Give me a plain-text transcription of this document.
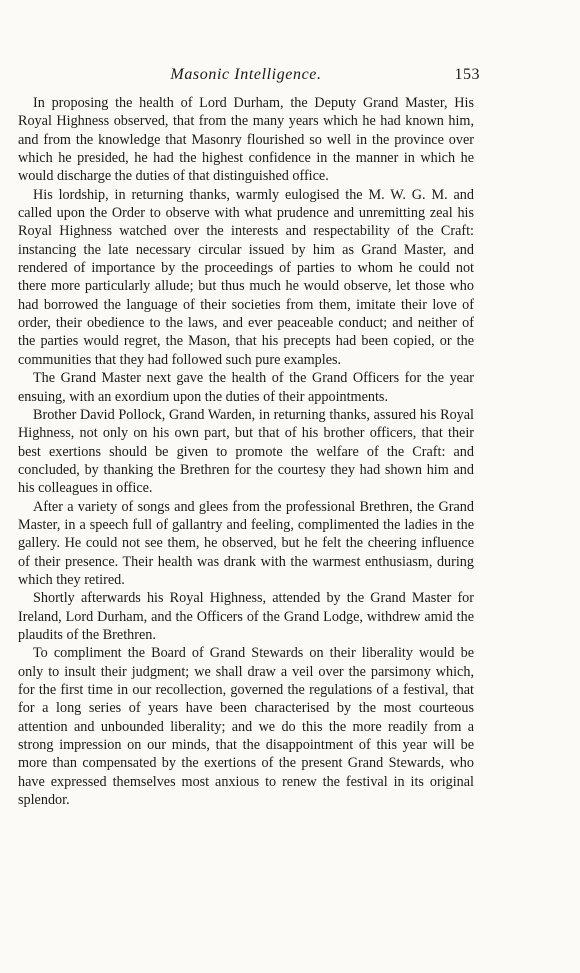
Masonic Intelligence.	153

In proposing the health of Lord Durham, the Deputy Grand Master, His Royal Highness observed, that from the many years which he had known him, and from the knowledge that Masonry flourished so well in the province over which he presided, he had the highest confidence in the manner in which he would discharge the duties of that distinguished office.

His lordship, in returning thanks, warmly eulogised the M. W. G. M. and called upon the Order to observe with what prudence and unremitting zeal his Royal Highness watched over the interests and respectability of the Craft: instancing the late necessary circular issued by him as Grand Master, and rendered of importance by the proceedings of parties to whom he could not there more particularly allude; but thus much he would observe, let those who had borrowed the language of their societies from them, imitate their love of order, their obedience to the laws, and ever peaceable conduct; and neither of the parties would regret, the Mason, that his precepts had been copied, or the communities that they had followed such pure examples.

The Grand Master next gave the health of the Grand Officers for the year ensuing, with an exordium upon the duties of their appointments.

Brother David Pollock, Grand Warden, in returning thanks, assured his Royal Highness, not only on his own part, but that of his brother officers, that their best exertions should be given to promote the welfare of the Craft: and concluded, by thanking the Brethren for the courtesy they had shown him and his colleagues in office.

After a variety of songs and glees from the professional Brethren, the Grand Master, in a speech full of gallantry and feeling, complimented the ladies in the gallery. He could not see them, he observed, but he felt the cheering influence of their presence. Their health was drank with the warmest enthusiasm, during which they retired.

Shortly afterwards his Royal Highness, attended by the Grand Master for Ireland, Lord Durham, and the Officers of the Grand Lodge, withdrew amid the plaudits of the Brethren.

To compliment the Board of Grand Stewards on their liberality would be only to insult their judgment; we shall draw a veil over the parsimony which, for the first time in our recollection, governed the regulations of a festival, that for a long series of years have been characterised by the most courteous attention and unbounded liberality; and we do this the more readily from a strong impression on our minds, that the disappointment of this year will be more than compensated by the exertions of the present Grand Stewards, who have expressed themselves most anxious to renew the festival in its original splendor.
